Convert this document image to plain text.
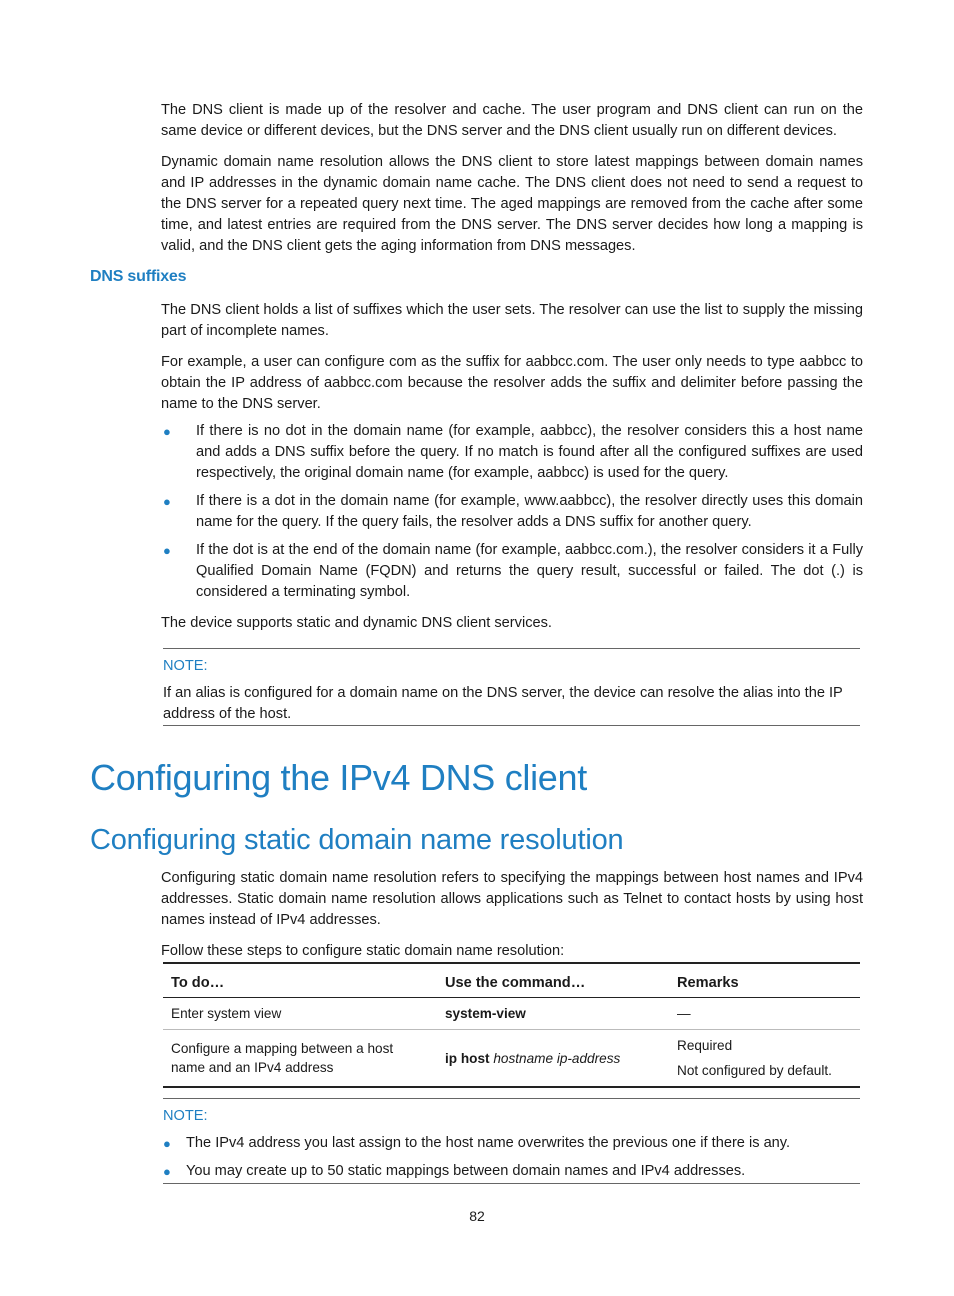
The DNS client is made up of the resolver and cache. The user program and DNS client can run on the same device or different devices, but the DNS server and the DNS client usually run on different devices.

Dynamic domain name resolution allows the DNS client to store latest mappings between domain names and IP addresses in the dynamic domain name cache. The DNS client does not need to send a request to the DNS server for a repeated query next time. The aged mappings are removed from the cache after some time, and latest entries are required from the DNS server. The DNS server decides how long a mapping is valid, and the DNS client gets the aging information from DNS messages.

DNS suffixes

The DNS client holds a list of suffixes which the user sets. The resolver can use the list to supply the missing part of incomplete names.

For example, a user can configure com as the suffix for aabbcc.com. The user only needs to type aabbcc to obtain the IP address of aabbcc.com because the resolver adds the suffix and delimiter before passing the name to the DNS server.

● If there is no dot in the domain name (for example, aabbcc), the resolver considers this a host name and adds a DNS suffix before the query. If no match is found after all the configured suffixes are used respectively, the original domain name (for example, aabbcc) is used for the query.
● If there is a dot in the domain name (for example, www.aabbcc), the resolver directly uses this domain name for the query. If the query fails, the resolver adds a DNS suffix for another query.
● If the dot is at the end of the domain name (for example, aabbcc.com.), the resolver considers it a Fully Qualified Domain Name (FQDN) and returns the query result, successful or failed. The dot (.) is considered a terminating symbol.

The device supports static and dynamic DNS client services.

NOTE:

If an alias is configured for a domain name on the DNS server, the device can resolve the alias into the IP address of the host.

Configuring the IPv4 DNS client
Configuring static domain name resolution

Configuring static domain name resolution refers to specifying the mappings between host names and IPv4 addresses. Static domain name resolution allows applications such as Telnet to contact hosts by using host names instead of IPv4 addresses.

Follow these steps to configure static domain name resolution:

To do…	Use the command…	Remarks
Enter system view	system-view	—
Configure a mapping between a host name and an IPv4 address	ip host hostname ip-address	Required
Not configured by default.

NOTE:

● The IPv4 address you last assign to the host name overwrites the previous one if there is any.
● You may create up to 50 static mappings between domain names and IPv4 addresses.
82
